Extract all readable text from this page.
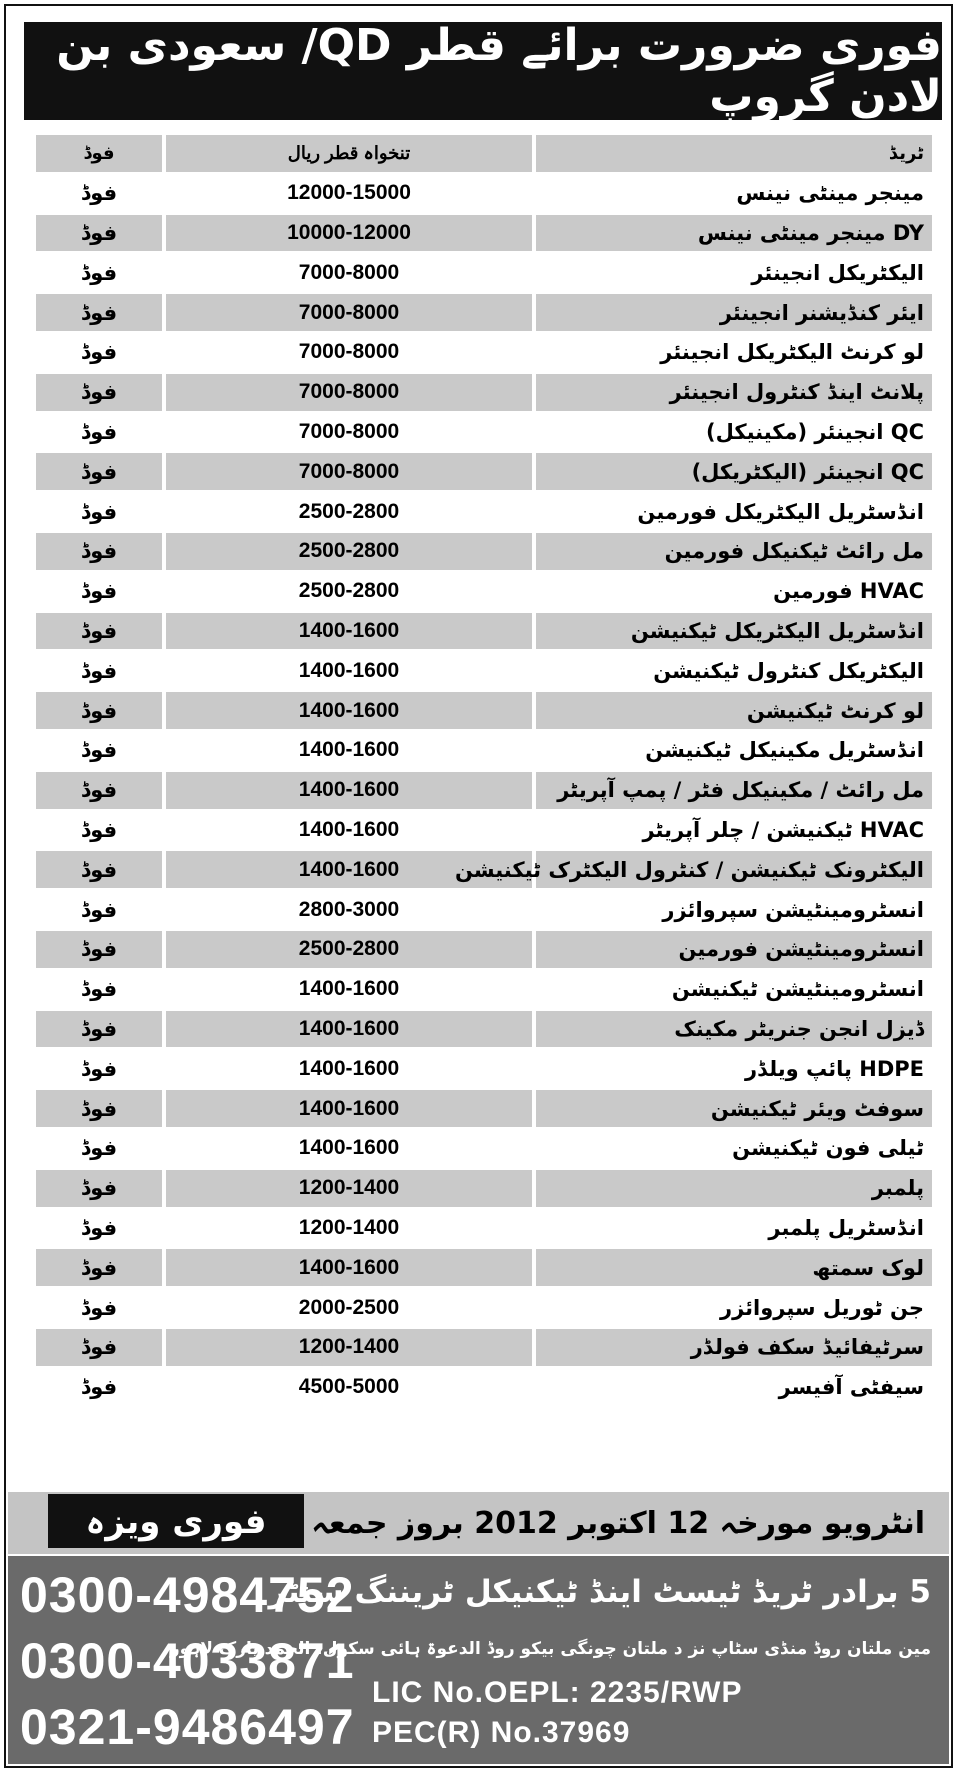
فوری ضرورت برائے قطر QD/ سعودی بن لادن گروپ
فوڈ	تنخواہ قطر ریال	ٹریڈ
فوڈ	12000-15000	مینجر مینٹی نینس
فوڈ	10000-12000	DY مینجر مینٹی نینس
فوڈ	7000-8000	الیکٹریکل انجینئر
فوڈ	7000-8000	ایئر کنڈیشنر انجینئر
فوڈ	7000-8000	لو کرنٹ الیکٹریکل انجینئر
فوڈ	7000-8000	پلانٹ اینڈ کنٹرول انجینئر
فوڈ	7000-8000	QC انجینئر (مکینیکل)
فوڈ	7000-8000	QC انجینئر (الیکٹریکل)
فوڈ	2500-2800	انڈسٹریل الیکٹریکل فورمین
فوڈ	2500-2800	مل رائٹ ٹیکنیکل فورمین
فوڈ	2500-2800	HVAC فورمین
فوڈ	1400-1600	انڈسٹریل الیکٹریکل ٹیکنیشن
فوڈ	1400-1600	الیکٹریکل کنٹرول ٹیکنیشن
فوڈ	1400-1600	لو کرنٹ ٹیکنیشن
فوڈ	1400-1600	انڈسٹریل مکینیکل ٹیکنیشن
فوڈ	1400-1600	مل رائٹ / مکینیکل فٹر / پمپ آپریٹر
فوڈ	1400-1600	HVAC ٹیکنیشن / چلر آپریٹر
فوڈ	1400-1600	الیکٹرونک ٹیکنیشن / کنٹرول الیکٹرک ٹیکنیشن
فوڈ	2800-3000	انسٹرومینٹیشن سپروائزر
فوڈ	2500-2800	انسٹرومینٹیشن فورمین
فوڈ	1400-1600	انسٹرومینٹیشن ٹیکنیشن
فوڈ	1400-1600	ڈیزل انجن جنریٹر مکینک
فوڈ	1400-1600	HDPE پائپ ویلڈر
فوڈ	1400-1600	سوفٹ ویئر ٹیکنیشن
فوڈ	1400-1600	ٹیلی فون ٹیکنیشن
فوڈ	1200-1400	پلمبر
فوڈ	1200-1400	انڈسٹریل پلمبر
فوڈ	1400-1600	لوک سمتھ
فوڈ	2000-2500	جن ٹوریل سپروائزر
فوڈ	1200-1400	سرٹیفائیڈ سکف فولڈر
فوڈ	4500-5000	سیفٹی آفیسر
فوری ویزہ انٹرویو مورخہ 12 اکتوبر 2012 بروز جمعہ
0300-4984752
0300-4033871
0321-9486497
5 برادر ٹریڈ ٹیسٹ اینڈ ٹیکنیکل ٹریننگ سنٹر
مین ملتان روڈ منڈی سٹاپ نز د ملتان چونگی بیکو روڈ الدعوۃ ہائی سکول، الحمد پارک لاہور
LIC No.OEPL: 2235/RWP
PEC(R) No.37969
